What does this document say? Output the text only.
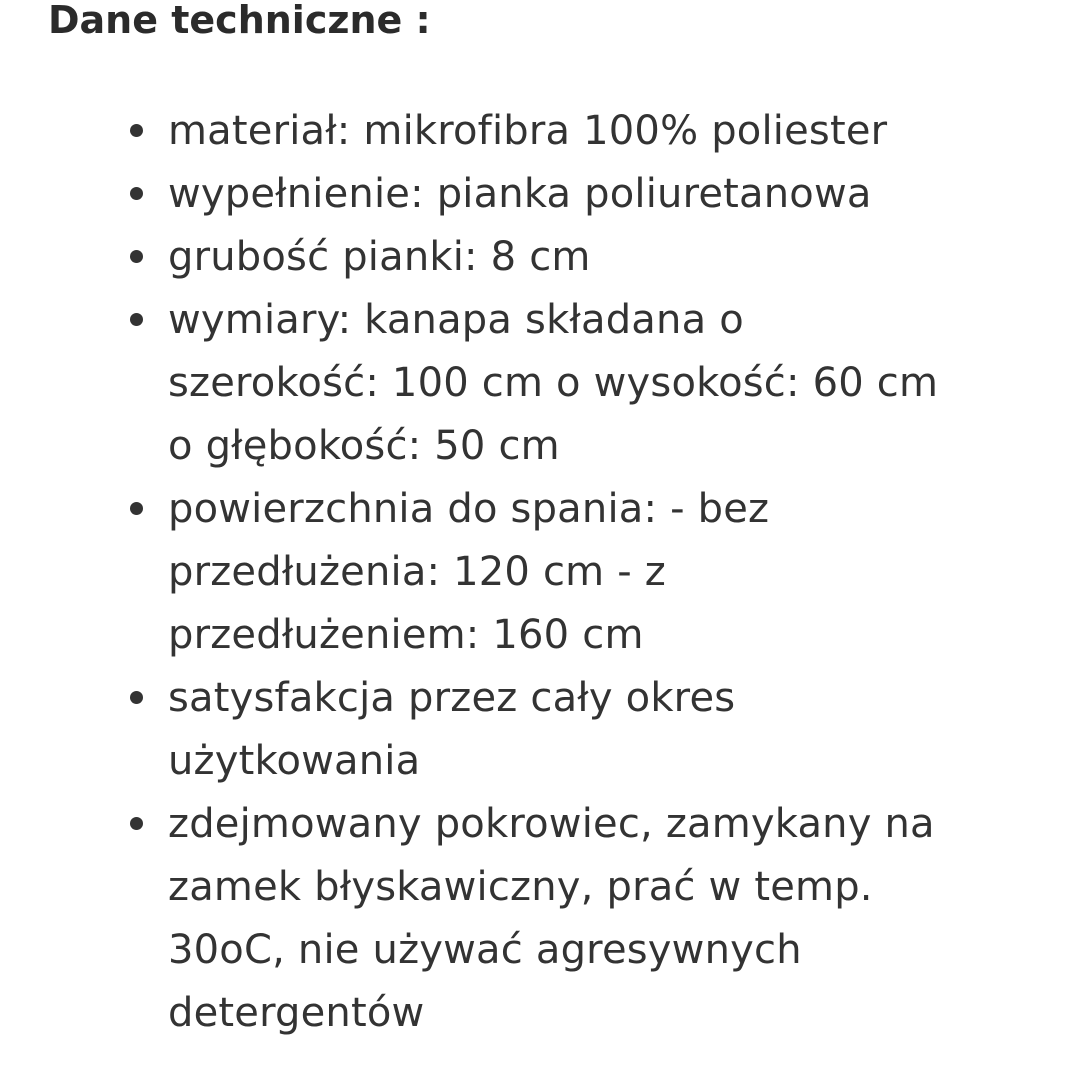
Dane techniczne :
materiał: mikrofibra 100% poliester
wypełnienie: pianka poliuretanowa
grubość pianki: 8 cm
wymiary: kanapa składana o
szerokość: 100 cm o wysokość: 60 cm
o głębokość: 50 cm
powierzchnia do spania: - bez
przedłużenia: 120 cm - z
przedłużeniem: 160 cm
satysfakcja przez cały okres
użytkowania
zdejmowany pokrowiec, zamykany na
zamek błyskawiczny, prać w temp.
30oC, nie używać agresywnych
detergentów
